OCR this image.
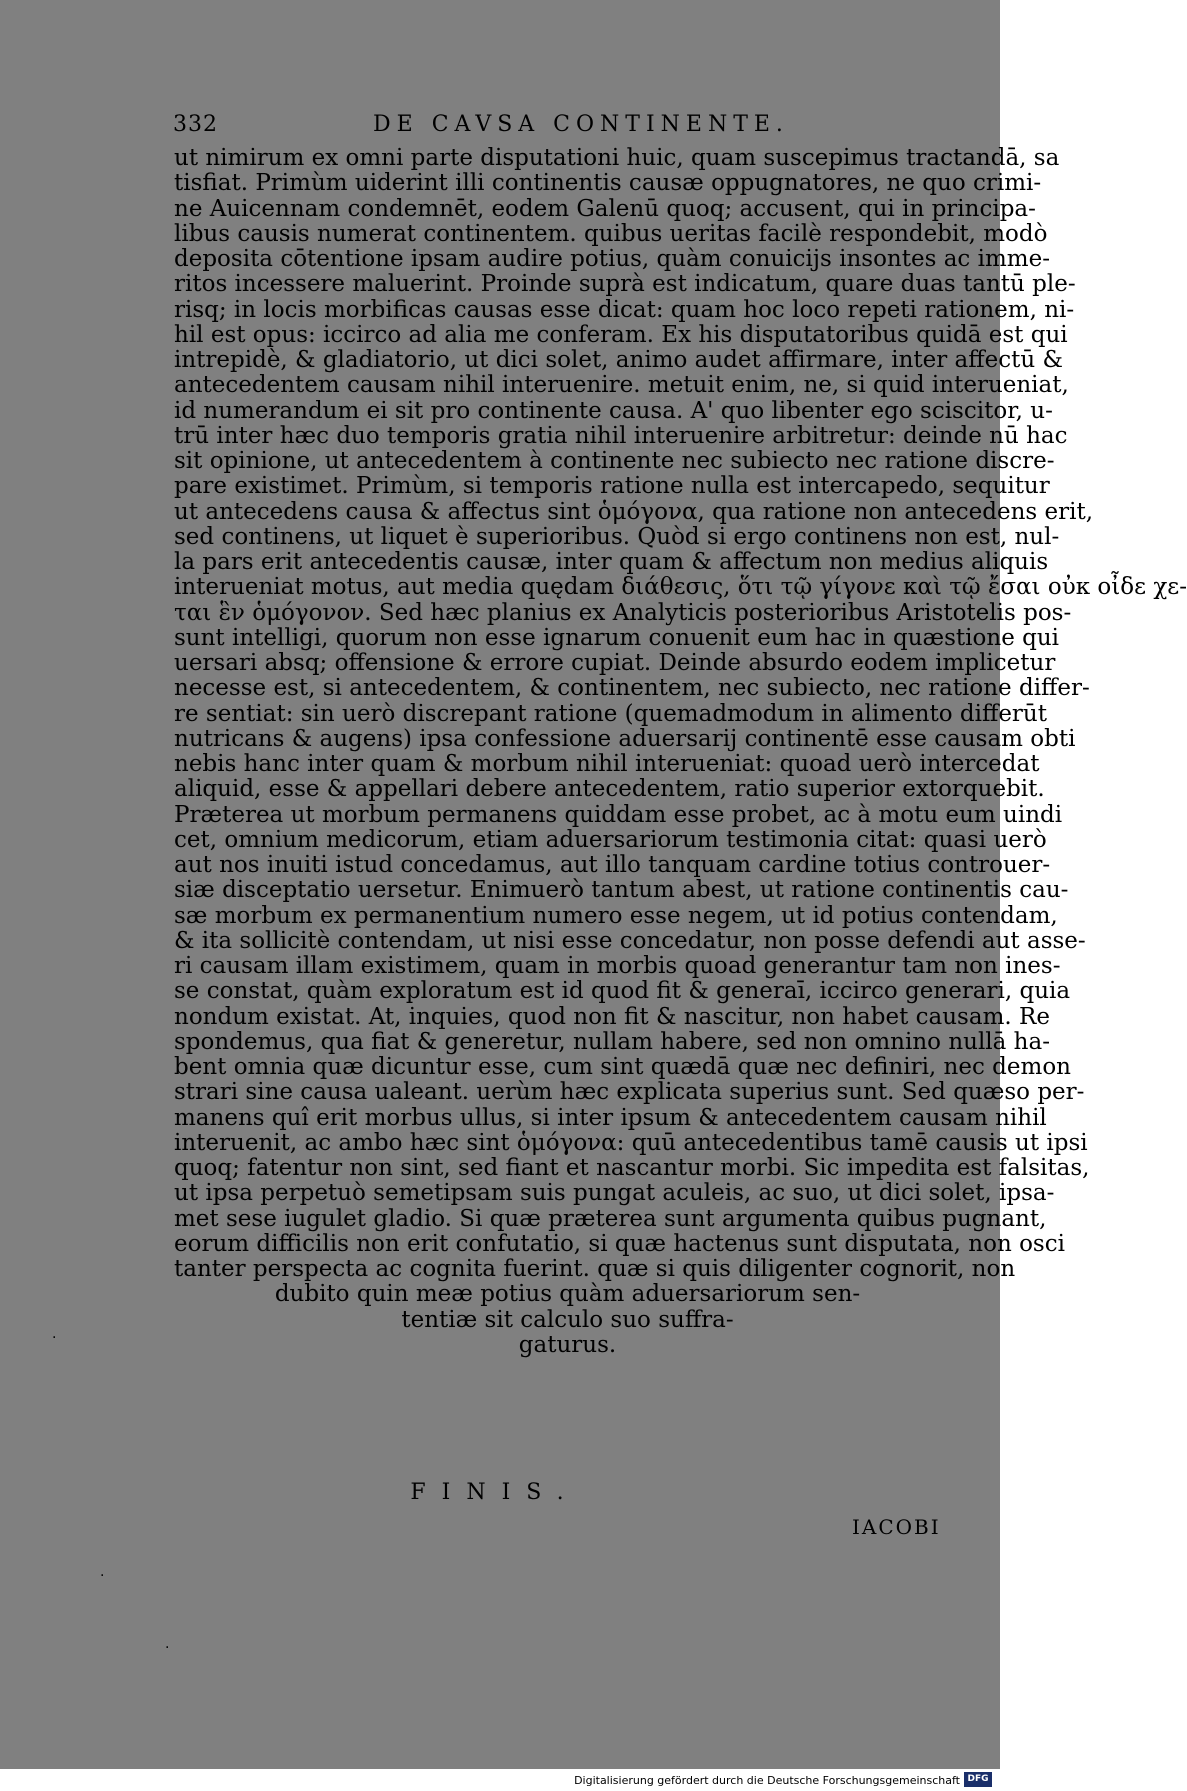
332	DE CAVSA CONTINENTE.
ut nimirum ex omni parte disputationi huic, quam suscepimus tractandā, sa
tisfiat. Primùm uiderint illi continentis causæ oppugnatores, ne quo crimi-
ne Auicennam condemnēt, eodem Galenū quoq; accusent, qui in principa-
libus causis numerat continentem. quibus ueritas facilè respondebit, modò
deposita cōtentione ipsam audire potius, quàm conuicijs insontes ac imme-
ritos incessere maluerint. Proinde suprà est indicatum, quare duas tantū ple-
risq; in locis morbificas causas esse dicat: quam hoc loco repeti rationem, ni-
hil est opus: iccirco ad alia me conferam. Ex his disputatoribus quidā est qui
intrepidè, & gladiatorio, ut dici solet, animo audet affirmare, inter affectū &
antecedentem causam nihil interuenire. metuit enim, ne, si quid interueniat,
id numerandum ei sit pro continente causa. A' quo libenter ego sciscitor, u-
trū inter hæc duo temporis gratia nihil interuenire arbitretur: deinde nū hac
sit opinione, ut antecedentem à continente nec subiecto nec ratione discre-
pare existimet. Primùm, si temporis ratione nulla est intercapedo, sequitur
ut antecedens causa & affectus sint ὁμόγονα, qua ratione non antecedens erit,
sed continens, ut liquet è superioribus. Quòd si ergo continens non est, nul-
la pars erit antecedentis causæ, inter quam & affectum non medius aliquis
interueniat motus, aut media quędam διάθεσις, ὅτι τῷ γίγονε καὶ τῷ ἔσαι οὐκ οἶδε χε-
ται ἓν ὁμόγονον. Sed hæc planius ex Analyticis posterioribus Aristotelis pos-
sunt intelligi, quorum non esse ignarum conuenit eum hac in quæstione qui
uersari absq; offensione & errore cupiat. Deinde absurdo eodem implicetur
necesse est, si antecedentem, & continentem, nec subiecto, nec ratione differ-
re sentiat: sin uerò discrepant ratione (quemadmodum in alimento differūt
nutricans & augens) ipsa confessione aduersarij continentē esse causam obti
nebis hanc inter quam & morbum nihil interueniat: quoad uerò intercedat
aliquid, esse & appellari debere antecedentem, ratio superior extorquebit.
Præterea ut morbum permanens quiddam esse probet, ac à motu eum uindi
cet, omnium medicorum, etiam aduersariorum testimonia citat: quasi uerò
aut nos inuiti istud concedamus, aut illo tanquam cardine totius controuer-
siæ disceptatio uersetur. Enimuerò tantum abest, ut ratione continentis cau-
sæ morbum ex permanentium numero esse negem, ut id potius contendam,
& ita sollicitè contendam, ut nisi esse concedatur, non posse defendi aut asse-
ri causam illam existimem, quam in morbis quoad generantur tam non ines-
se constat, quàm exploratum est id quod fit & generaī, iccirco generari, quia
nondum existat. At, inquies, quod non fit & nascitur, non habet causam. Re
spondemus, qua fiat & generetur, nullam habere, sed non omnino nullā ha-
bent omnia quæ dicuntur esse, cum sint quædā quæ nec definiri, nec demon
strari sine causa ualeant. uerùm hæc explicata superius sunt. Sed quæso per-
manens quî erit morbus ullus, si inter ipsum & antecedentem causam nihil
interuenit, ac ambo hæc sint ὁμόγονα: quū antecedentibus tamē causis ut ipsi
quoq; fatentur non sint, sed fiant et nascantur morbi. Sic impedita est falsitas,
ut ipsa perpetuò semetipsam suis pungat aculeis, ac suo, ut dici solet, ipsa-
met sese iugulet gladio. Si quæ præterea sunt argumenta quibus pugnant,
eorum difficilis non erit confutatio, si quæ hactenus sunt disputata, non osci
tanter perspecta ac cognita fuerint. quæ si quis diligenter cognorit, non
dubito quin meæ potius quàm aduersariorum sen-
tentiæ sit calculo suo suffra-
gaturus.
FINIS.
IACOBI
·
·
·
Digitalisierung gefördert durch die Deutsche Forschungsgemeinschaft DFG
